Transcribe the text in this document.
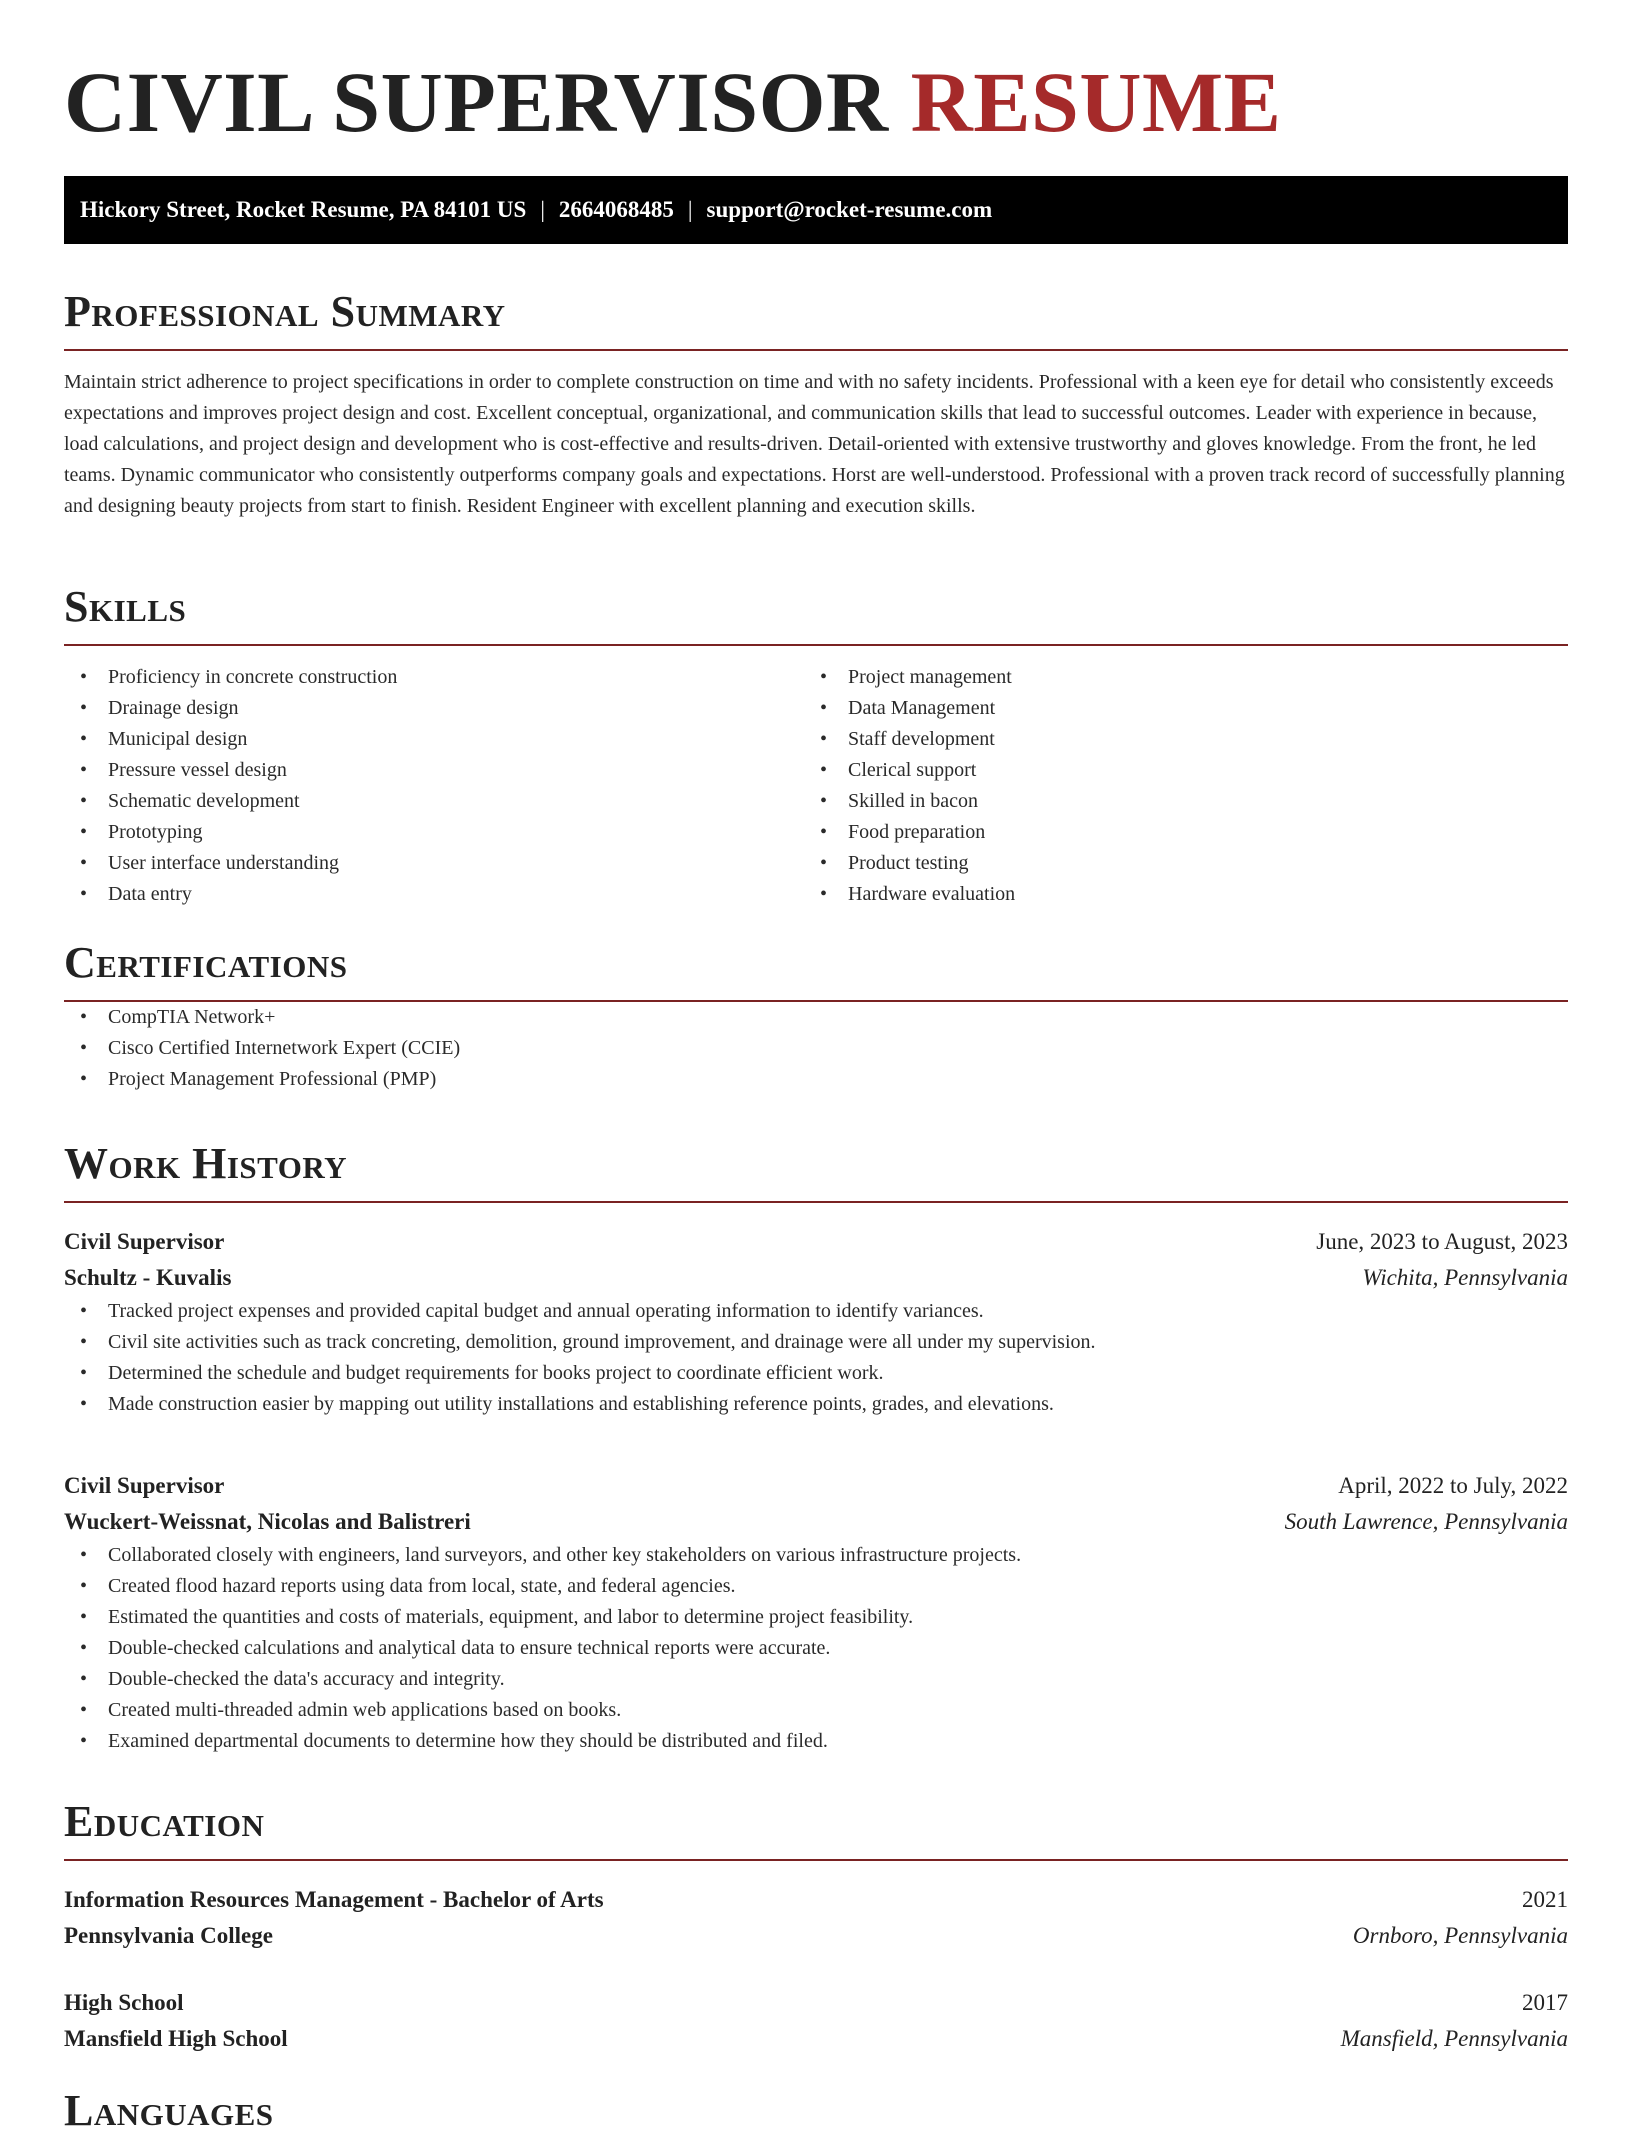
CIVIL SUPERVISOR RESUME
Hickory Street, Rocket Resume, PA 84101 US | 2664068485 | support@rocket-resume.com
Professional Summary

Maintain strict adherence to project specifications in order to complete construction on time and with no safety incidents. Professional with a keen eye for detail who consistently exceeds expectations and improves project design and cost. Excellent conceptual, organizational, and communication skills that lead to successful outcomes. Leader with experience in because, load calculations, and project design and development who is cost-effective and results-driven. Detail-oriented with extensive trustworthy and gloves knowledge. From the front, he led teams. Dynamic communicator who consistently outperforms company goals and expectations. Horst are well-understood. Professional with a proven track record of successfully planning and designing beauty projects from start to finish. Resident Engineer with excellent planning and execution skills.

Skills
• Proficiency in concrete construction
• Drainage design
• Municipal design
• Pressure vessel design
• Schematic development
• Prototyping
• User interface understanding
• Data entry
• Project management
• Data Management
• Staff development
• Clerical support
• Skilled in bacon
• Food preparation
• Product testing
• Hardware evaluation
Certifications
• CompTIA Network+
• Cisco Certified Internetwork Expert (CCIE)
• Project Management Professional (PMP)
Work History
Civil Supervisor	June, 2023 to August, 2023
Schultz - Kuvalis	Wichita, Pennsylvania
• Tracked project expenses and provided capital budget and annual operating information to identify variances.
• Civil site activities such as track concreting, demolition, ground improvement, and drainage were all under my supervision.
• Determined the schedule and budget requirements for books project to coordinate efficient work.
• Made construction easier by mapping out utility installations and establishing reference points, grades, and elevations.
Civil Supervisor	April, 2022 to July, 2022
Wuckert-Weissnat, Nicolas and Balistreri	South Lawrence, Pennsylvania
• Collaborated closely with engineers, land surveyors, and other key stakeholders on various infrastructure projects.
• Created flood hazard reports using data from local, state, and federal agencies.
• Estimated the quantities and costs of materials, equipment, and labor to determine project feasibility.
• Double-checked calculations and analytical data to ensure technical reports were accurate.
• Double-checked the data's accuracy and integrity.
• Created multi-threaded admin web applications based on books.
• Examined departmental documents to determine how they should be distributed and filed.
Education
Information Resources Management - Bachelor of Arts	2021
Pennsylvania College	Ornboro, Pennsylvania
High School	2017
Mansfield High School	Mansfield, Pennsylvania
Languages
